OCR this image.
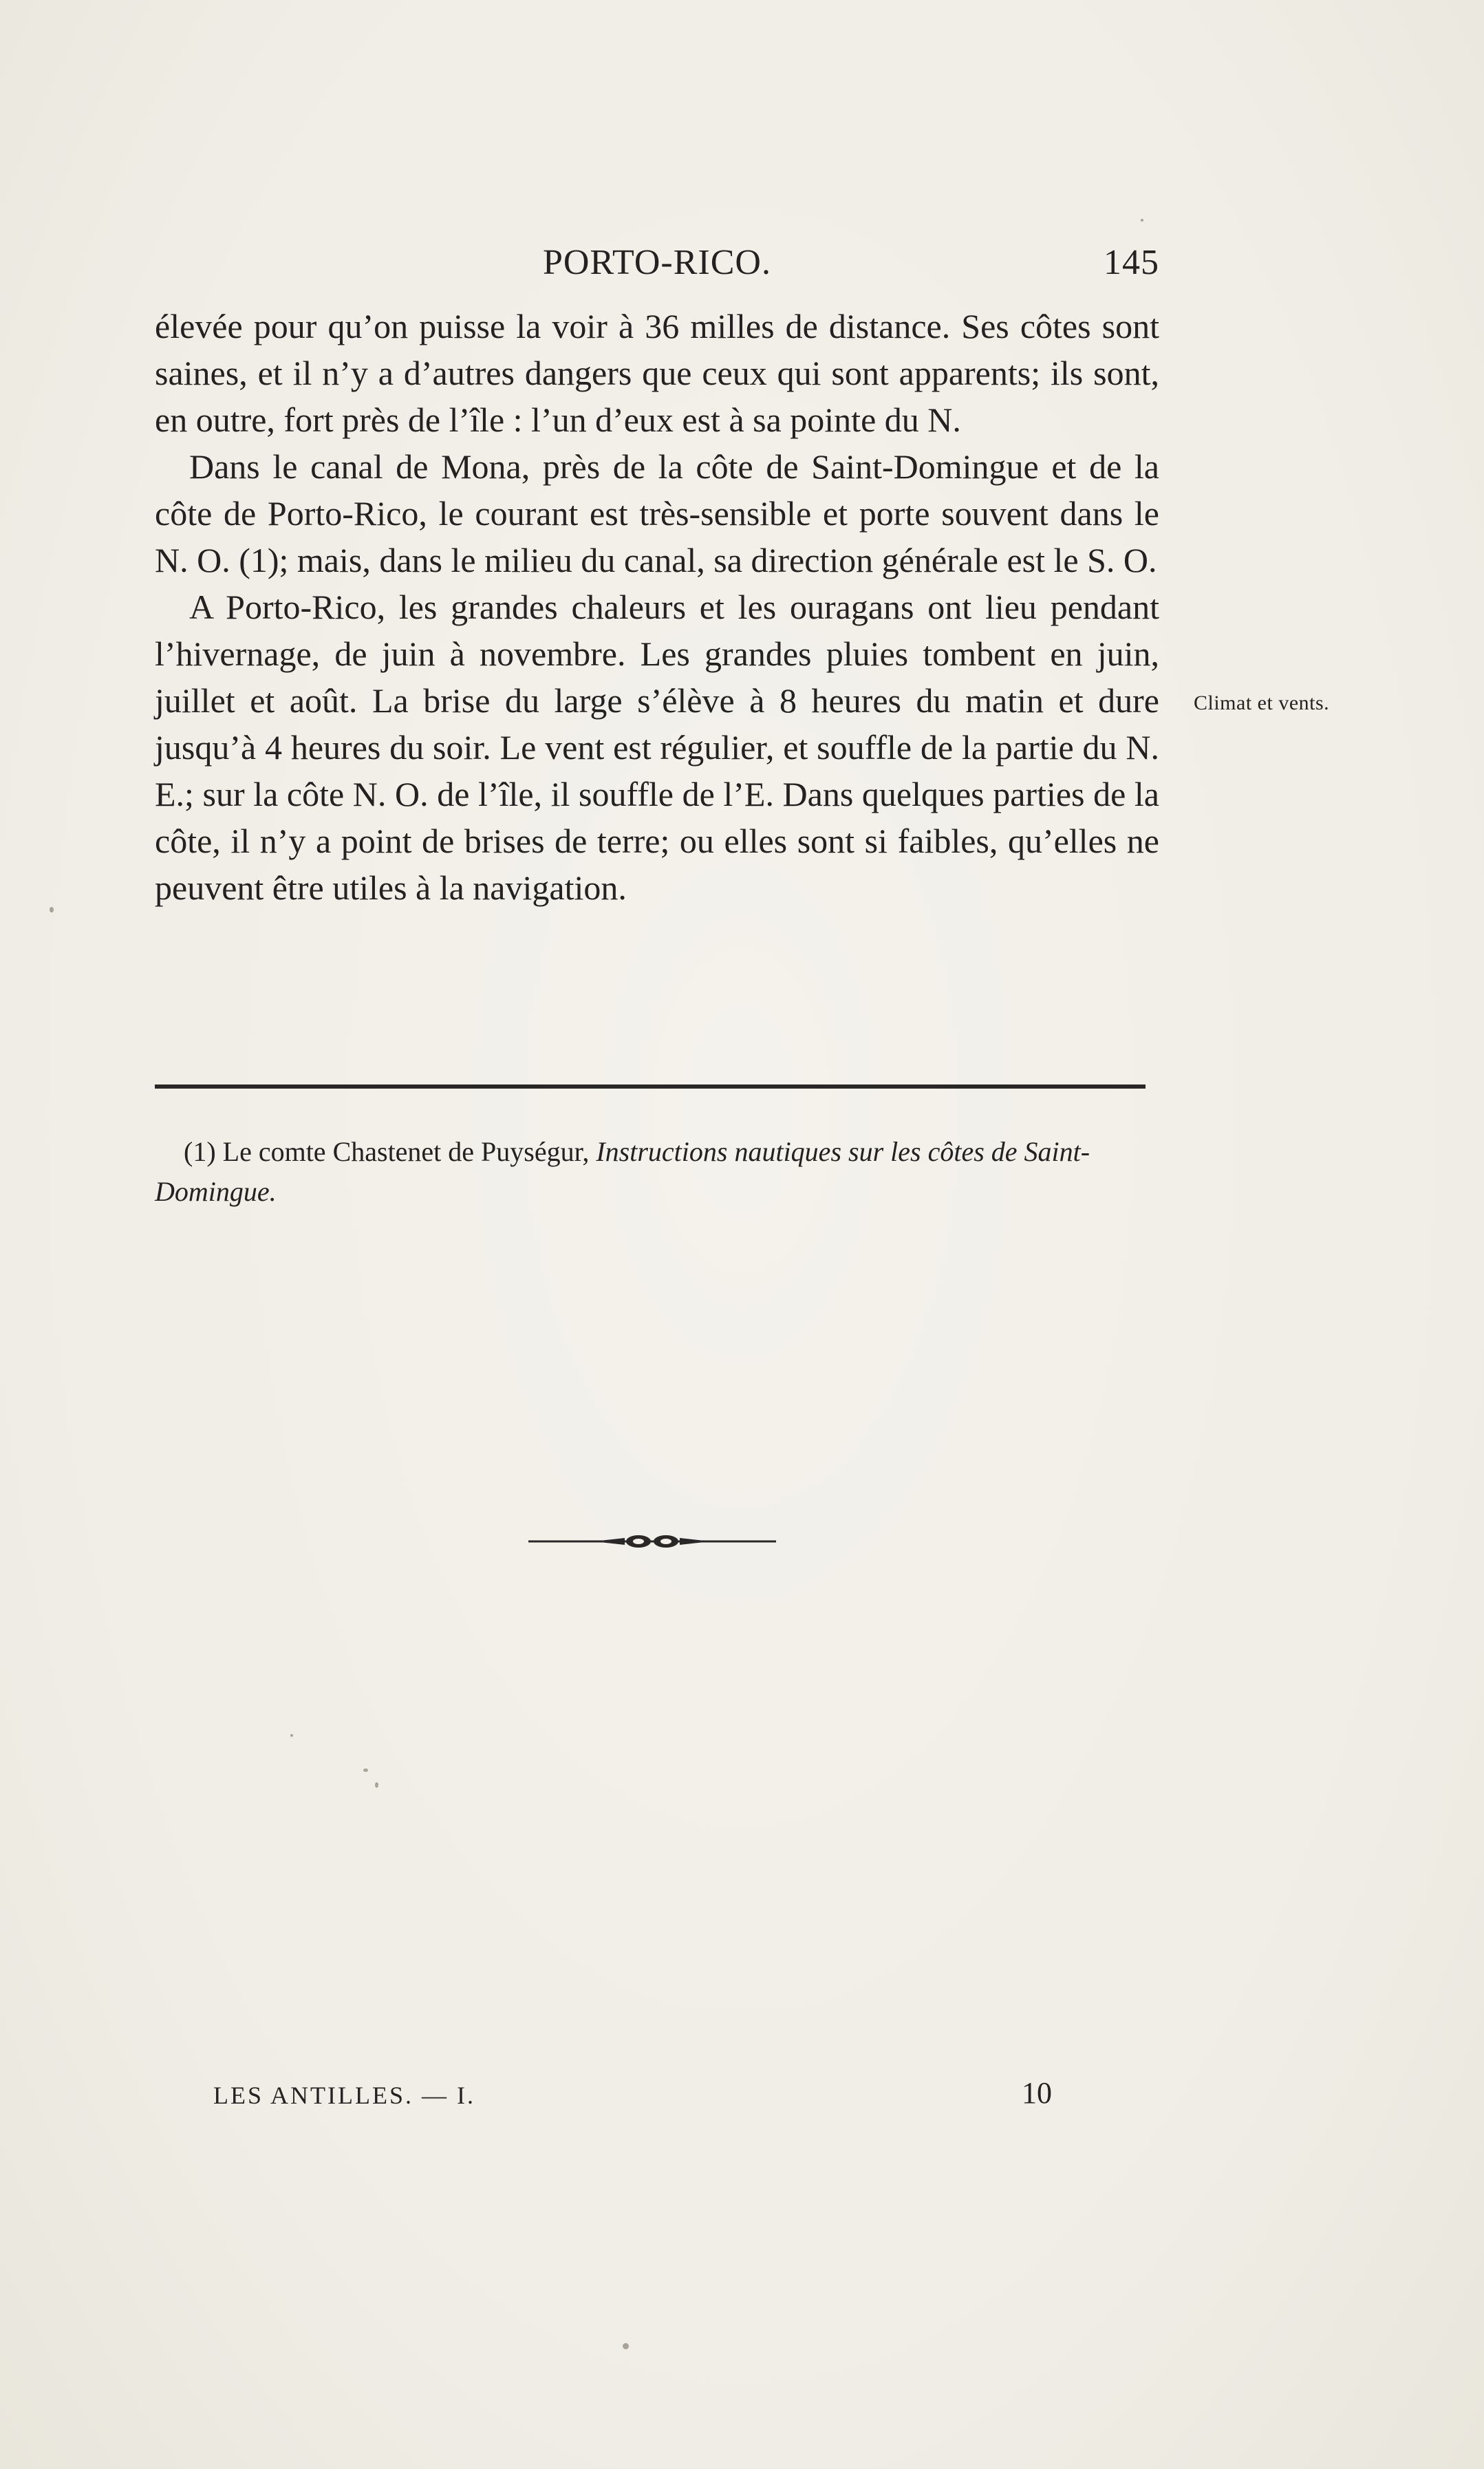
PORTO-RICO.	145

élevée pour qu’on puisse la voir à 36 milles de distance. Ses côtes sont saines, et il n’y a d’autres dangers que ceux qui sont apparents; ils sont, en outre, fort près de l’île : l’un d’eux est à sa pointe du N.

Dans le canal de Mona, près de la côte de Saint-Domingue et de la côte de Porto-Rico, le courant est très-sensible et porte souvent dans le N. O. (1); mais, dans le milieu du canal, sa direction générale est le S. O.

A Porto-Rico, les grandes chaleurs et les ouragans ont lieu pendant l’hivernage, de juin à novembre. Les grandes pluies tombent en juin, juillet et août. La brise du large s’élève à 8 heures du matin et dure jusqu’à 4 heures du soir. Le vent est régulier, et souffle de la partie du N. E.; sur la côte N. O. de l’île, il souffle de l’E. Dans quelques parties de la côte, il n’y a point de brises de terre; ou elles sont si faibles, qu’elles ne peuvent être utiles à la navigation.

Climat et vents.
(1) Le comte Chastenet de Puységur, Instructions nautiques sur les côtes de Saint-Domingue.
LES ANTILLES. — I.	10
